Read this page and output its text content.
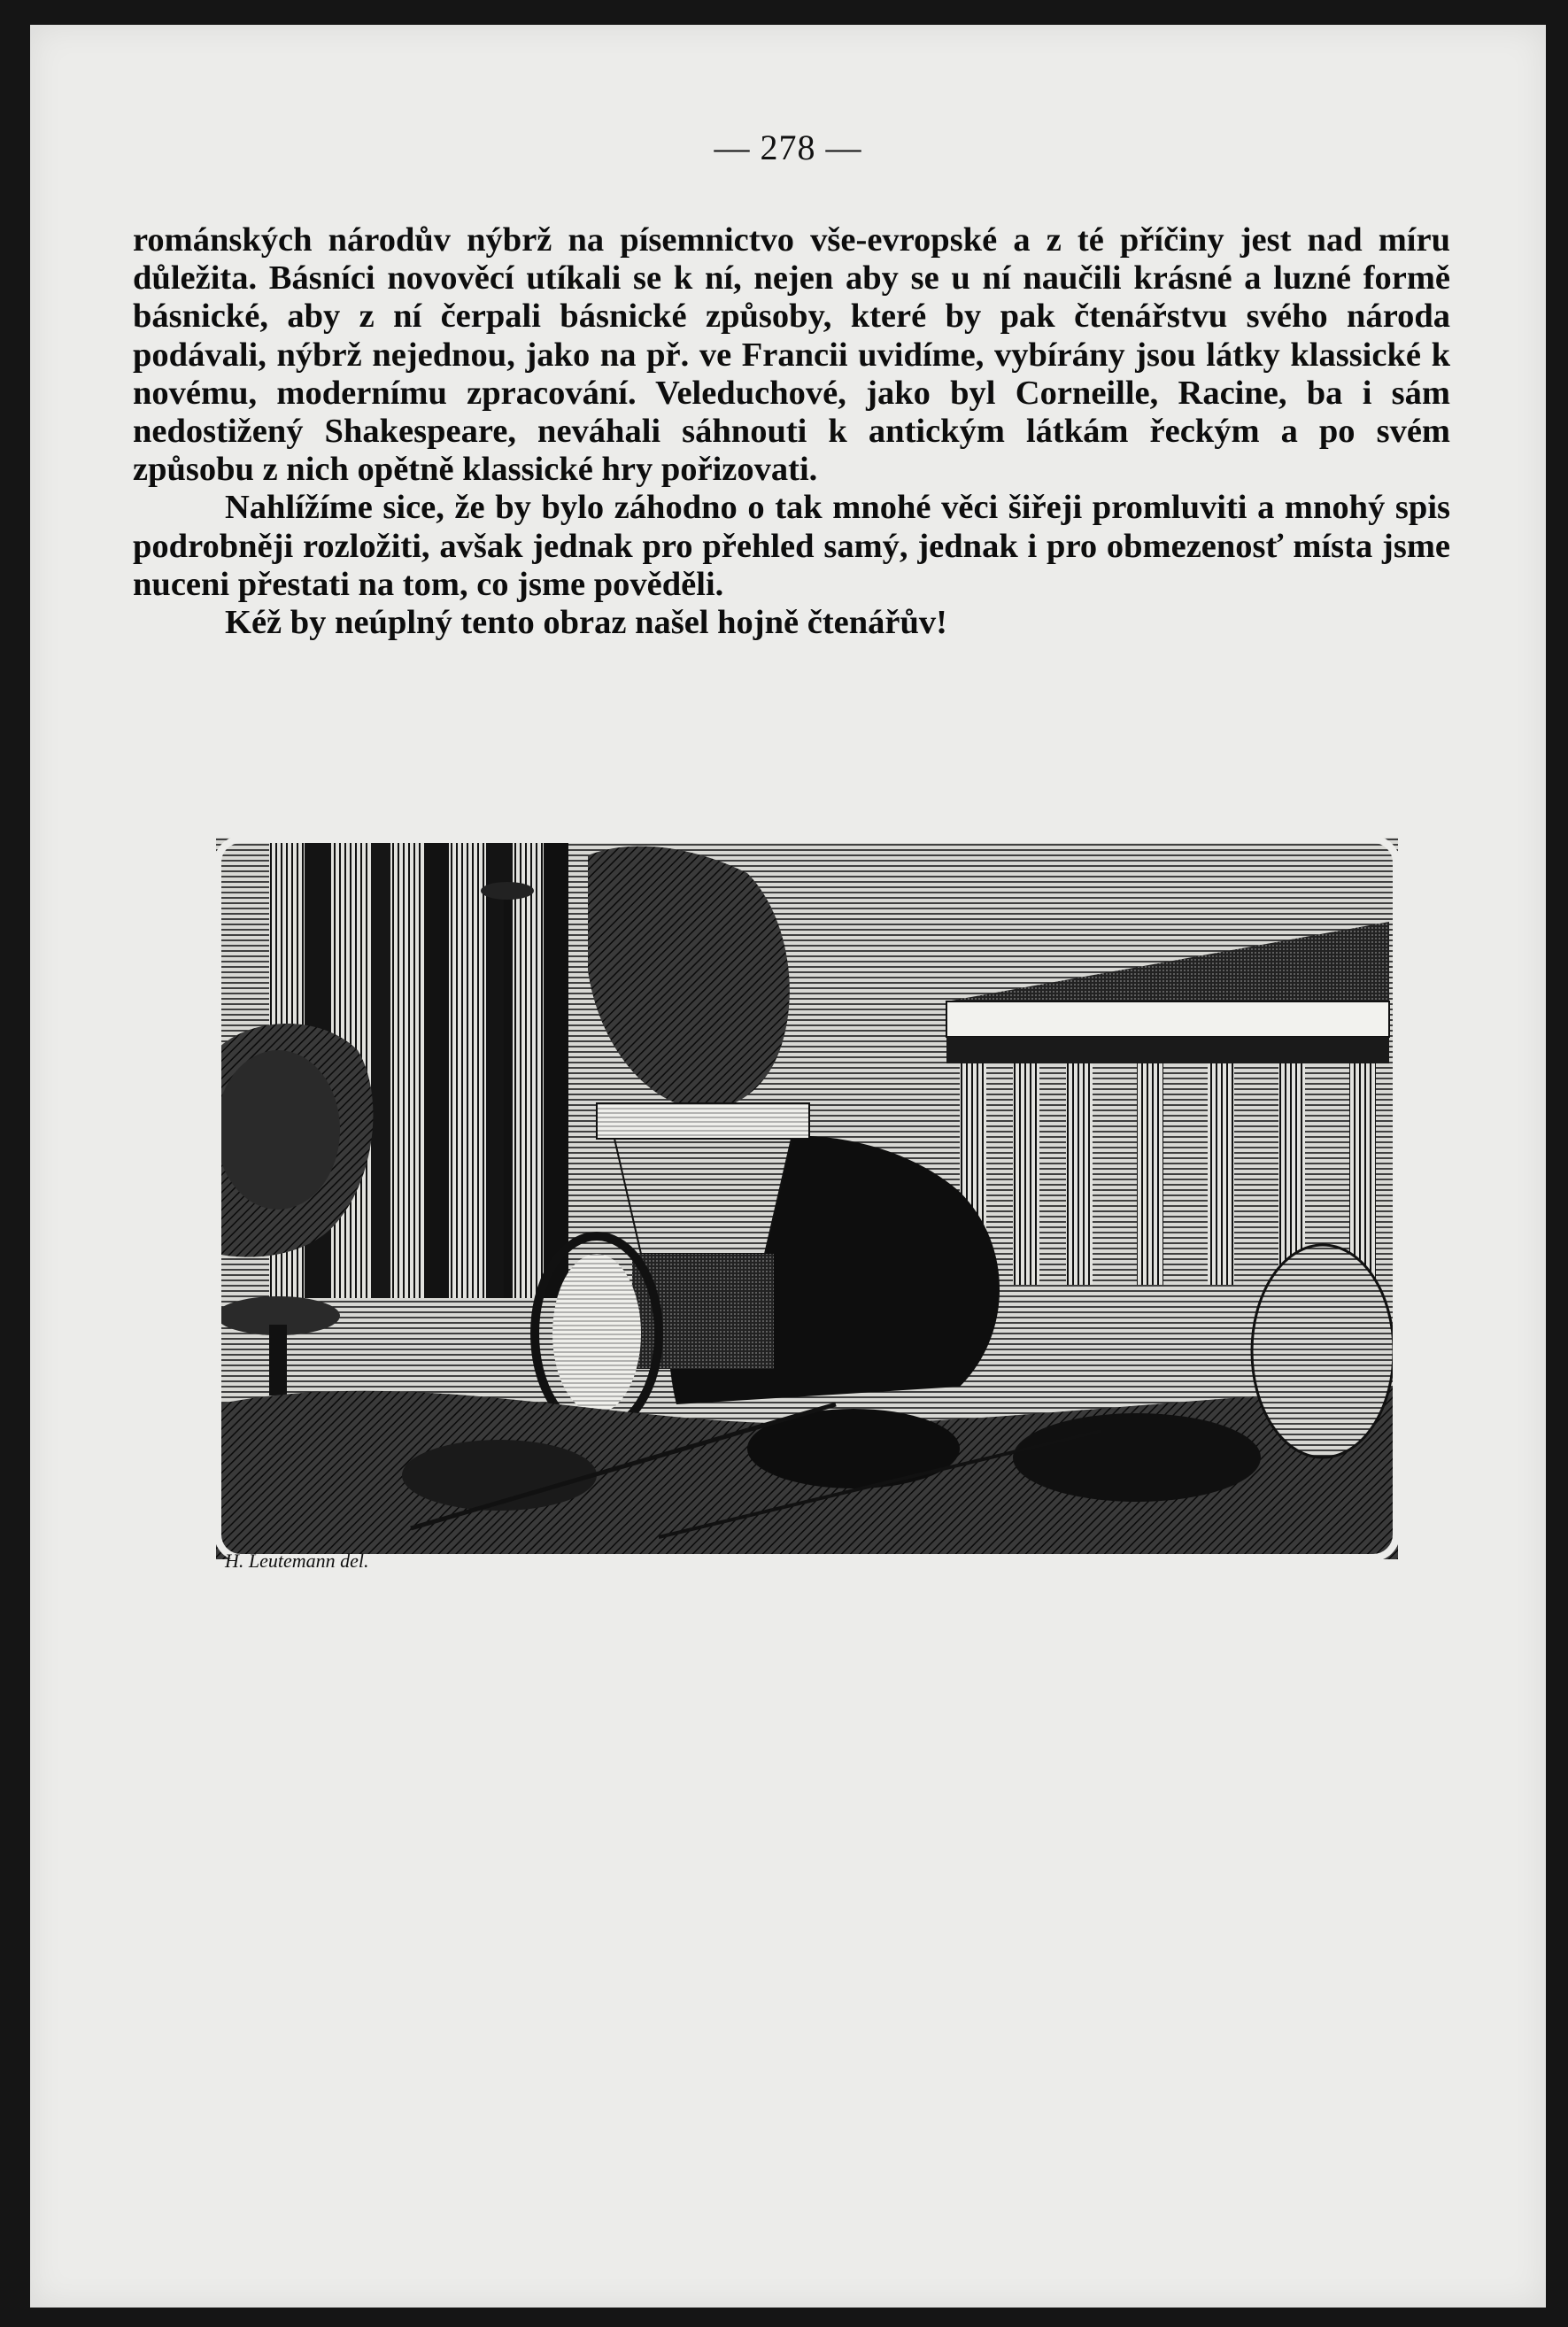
— 278 —

románských národův nýbrž na písemnictvo vše-evropské a z té příčiny jest nad míru důležita. Básníci novověcí utíkali se k ní, nejen aby se u ní naučili krásné a luzné formě básnické, aby z ní čerpali básnické způsoby, které by pak čtenářstvu svého národa podávali, nýbrž nejednou, jako na př. ve Francii uvidíme, vybírány jsou látky klassické k novému, modernímu zpracování. Veleduchové, jako byl Corneille, Racine, ba i sám nedostižený Shakespeare, neváhali sáhnouti k antickým látkám řeckým a po svém způsobu z nich opětně klassické hry pořizovati.

Nahlížíme sice, že by bylo záhodno o tak mnohé věci šiřeji promluviti a mnohý spis podrobněji rozložiti, avšak jednak pro přehled samý, jednak i pro obmezenosť místa jsme nuceni přestati na tom, co jsme pověděli.

Kéž by neúplný tento obraz našel hojně čtenářův!

H. Leutemann del.
